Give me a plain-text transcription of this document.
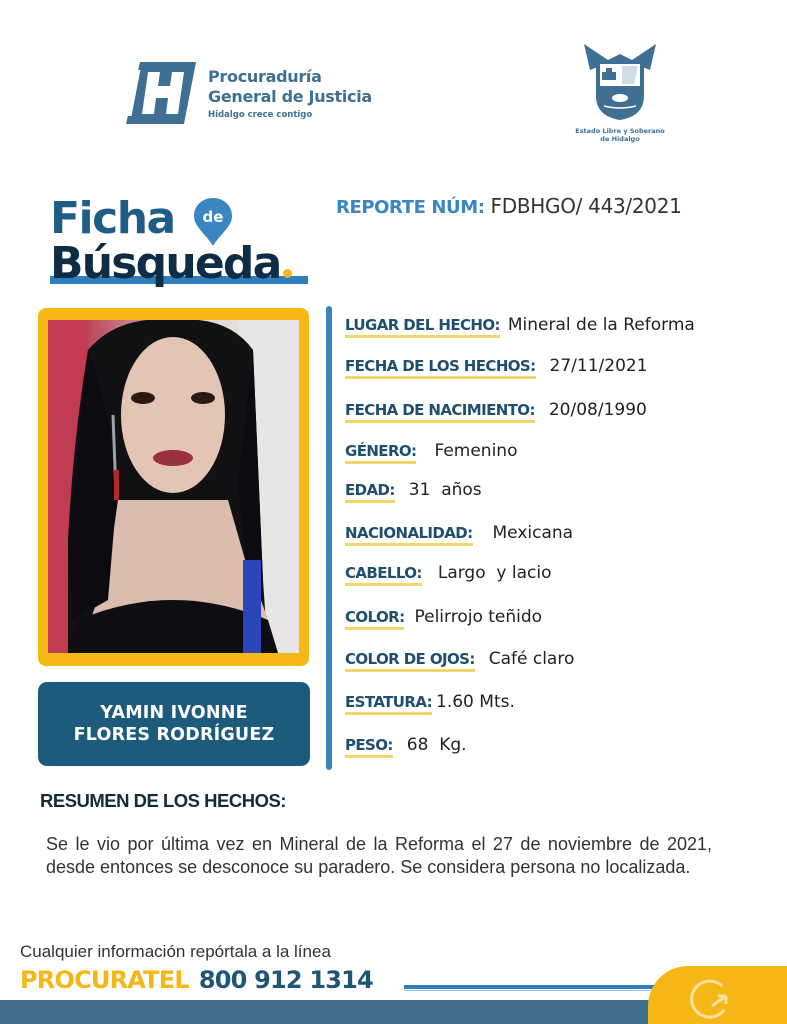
Procuraduría
General de Justicia
Hidalgo crece contigo
Estado Libre y Soberano
de Hidalgo
Ficha	de
Búsqueda
REPORTE NÚM: FDBHGO/ 443/2021
YAMIN IVONNE
FLORES RODRÍGUEZ
LUGAR DEL HECHO: Mineral de la Reforma
FECHA DE LOS HECHOS: 27/11/2021
FECHA DE NACIMIENTO: 20/08/1990
GÉNERO: Femenino
EDAD: 31  años
NACIONALIDAD: Mexicana
CABELLO: Largo  y lacio
COLOR: Pelirrojo teñido
COLOR DE OJOS: Café claro
ESTATURA: 1.60 Mts.
PESO: 68  Kg.
RESUMEN DE LOS HECHOS:
Se le vio por última vez en Mineral de la Reforma el 27 de noviembre de 2021, desde entonces se desconoce su paradero. Se considera persona no localizada.
Cualquier información repórtala a la línea
PROCURATEL 800 912 1314
